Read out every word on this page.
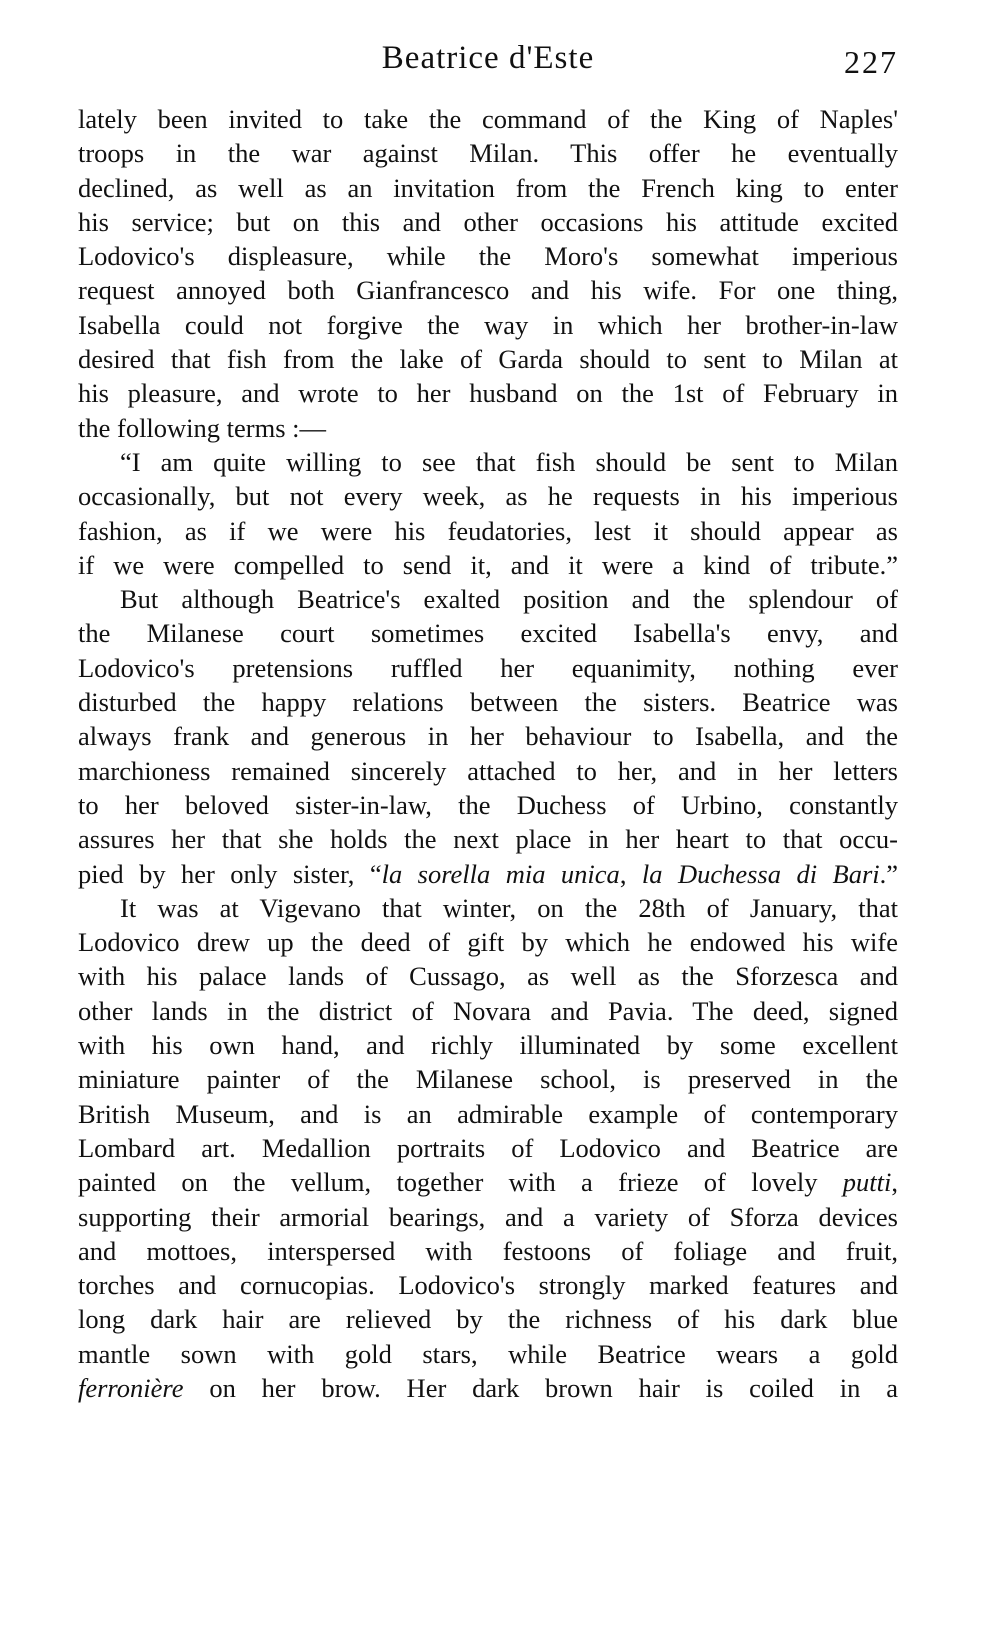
Beatrice d'Este	227
lately been invited to take the command of the King of Naples'
troops in the war against Milan. This offer he eventually
declined, as well as an invitation from the French king to enter
his service; but on this and other occasions his attitude excited
Lodovico's displeasure, while the Moro's somewhat imperious
request annoyed both Gianfrancesco and his wife. For one thing,
Isabella could not forgive the way in which her brother-in-law
desired that fish from the lake of Garda should to sent to Milan at
his pleasure, and wrote to her husband on the 1st of February in
the following terms :—
“I am quite willing to see that fish should be sent to Milan
occasionally, but not every week, as he requests in his imperious
fashion, as if we were his feudatories, lest it should appear as
if we were compelled to send it, and it were a kind of tribute.”
But although Beatrice's exalted position and the splendour of
the Milanese court sometimes excited Isabella's envy, and
Lodovico's pretensions ruffled her equanimity, nothing ever
disturbed the happy relations between the sisters. Beatrice was
always frank and generous in her behaviour to Isabella, and the
marchioness remained sincerely attached to her, and in her letters
to her beloved sister-in-law, the Duchess of Urbino, constantly
assures her that she holds the next place in her heart to that occu-
pied by her only sister, “la sorella mia unica, la Duchessa di Bari.”
It was at Vigevano that winter, on the 28th of January, that
Lodovico drew up the deed of gift by which he endowed his wife
with his palace lands of Cussago, as well as the Sforzesca and
other lands in the district of Novara and Pavia. The deed, signed
with his own hand, and richly illuminated by some excellent
miniature painter of the Milanese school, is preserved in the
British Museum, and is an admirable example of contemporary
Lombard art. Medallion portraits of Lodovico and Beatrice are
painted on the vellum, together with a frieze of lovely putti,
supporting their armorial bearings, and a variety of Sforza devices
and mottoes, interspersed with festoons of foliage and fruit,
torches and cornucopias. Lodovico's strongly marked features and
long dark hair are relieved by the richness of his dark blue
mantle sown with gold stars, while Beatrice wears a gold
ferronière on her brow. Her dark brown hair is coiled in a
